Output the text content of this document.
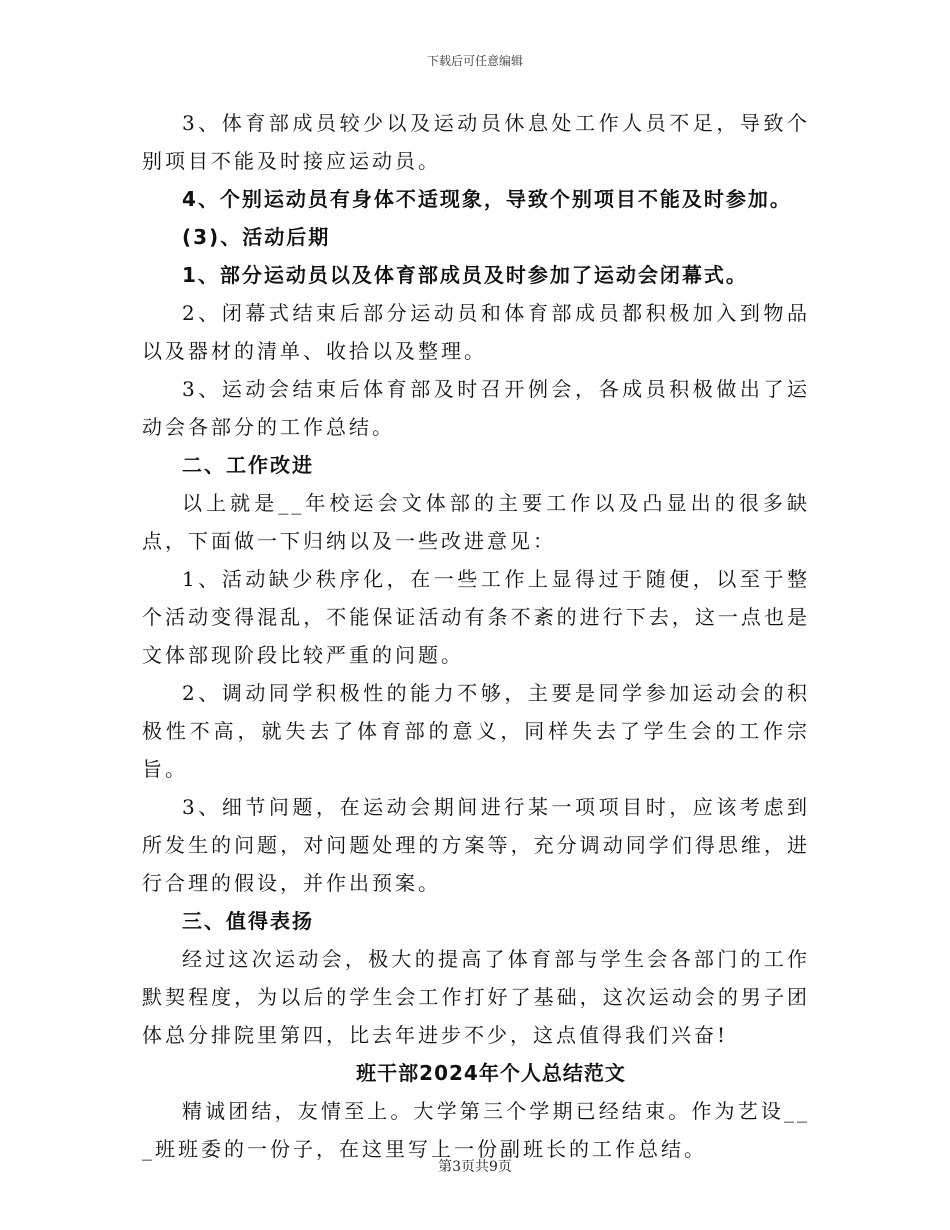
下载后可任意编辑

3、体育部成员较少以及运动员休息处工作人员不足，导致个别项目不能及时接应运动员。

4、个别运动员有身体不适现象，导致个别项目不能及时参加。

(3)、活动后期

1、部分运动员以及体育部成员及时参加了运动会闭幕式。

2、闭幕式结束后部分运动员和体育部成员都积极加入到物品以及器材的清单、收拾以及整理。

3、运动会结束后体育部及时召开例会，各成员积极做出了运动会各部分的工作总结。

二、工作改进

以上就是__年校运会文体部的主要工作以及凸显出的很多缺点，下面做一下归纳以及一些改进意见：

1、活动缺少秩序化，在一些工作上显得过于随便，以至于整个活动变得混乱，不能保证活动有条不紊的进行下去，这一点也是文体部现阶段比较严重的问题。

2、调动同学积极性的能力不够，主要是同学参加运动会的积极性不高，就失去了体育部的意义，同样失去了学生会的工作宗旨。

3、细节问题，在运动会期间进行某一项项目时，应该考虑到所发生的问题，对问题处理的方案等，充分调动同学们得思维，进行合理的假设，并作出预案。

三、值得表扬

经过这次运动会，极大的提高了体育部与学生会各部门的工作默契程度，为以后的学生会工作打好了基础，这次运动会的男子团体总分排院里第四，比去年进步不少，这点值得我们兴奋!

班干部2024年个人总结范文

精诚团结，友情至上。大学第三个学期已经结束。作为艺设___班班委的一份子，在这里写上一份副班长的工作总结。

第3页共9页
